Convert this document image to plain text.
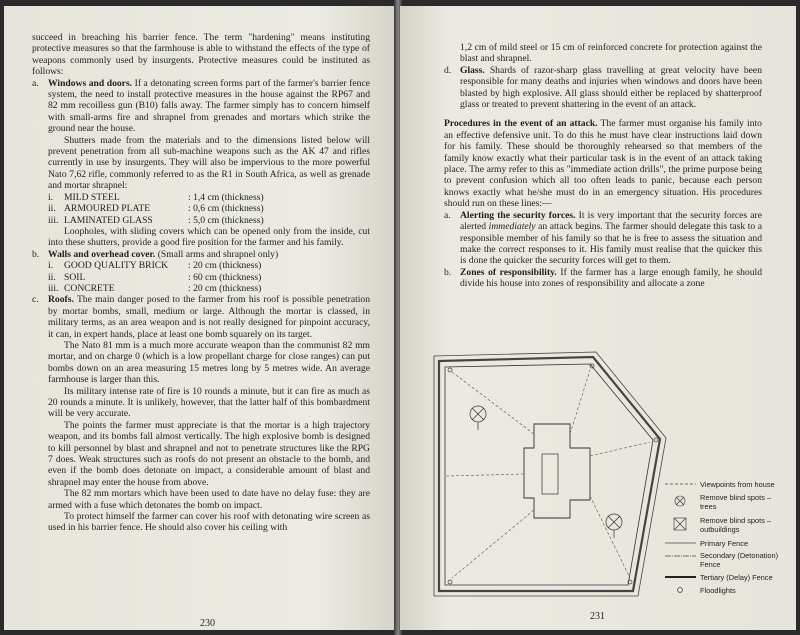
succeed in breaching his barrier fence. The term "hardening" means instituting protective measures so that the farmhouse is able to withstand the effects of the type of weapons commonly used by insurgents. Protective measures could be instituted as follows:

a. Windows and doors. If a detonating screen forms part of the farmer's barrier fence system, the need to install protective measures in the house against the RP67 and 82 mm recoilless gun (B10) falls away. The farmer simply has to concern himself with small-arms fire and shrapnel from grenades and mortars which strike the ground near the house.

Shutters made from the materials and to the dimensions listed below will prevent penetration from all sub-machine weapons such as the AK 47 and rifles currently in use by insurgents. They will also be impervious to the more powerful Nato 7,62 rifle, commonly referred to as the R1 in South Africa, as well as grenade and mortar shrapnel:

i. MILD STEEL	: 1,4 cm (thickness)
ii. ARMOURED PLATE	: 0,6 cm (thickness)
iii. LAMINATED GLASS	: 5,0 cm (thickness)

Loopholes, with sliding covers which can be opened only from the inside, cut into these shutters, provide a good fire position for the farmer and his family.

b. Walls and overhead cover. (Small arms and shrapnel only)

i. GOOD QUALITY BRICK : 20 cm (thickness)
ii. SOIL	: 60 cm (thickness)
iii. CONCRETE	: 20 cm (thickness)

c. Roofs. The main danger posed to the farmer from his roof is possible penetration by mortar bombs, small, medium or large. Although the mortar is classed, in military terms, as an area weapon and is not really designed for pinpoint accuracy, it can, in expert hands, place at least one bomb squarely on its target.

The Nato 81 mm is a much more accurate weapon than the communist 82 mm mortar, and on charge 0 (which is a low propellant charge for close ranges) can put bombs down on an area measuring 15 metres long by 5 metres wide. An average farmhouse is larger than this.

Its military intense rate of fire is 10 rounds a minute, but it can fire as much as 20 rounds a minute. It is unlikely, however, that the latter half of this bombardment will be very accurate.

The points the farmer must appreciate is that the mortar is a high trajectory weapon, and its bombs fall almost vertically. The high explosive bomb is designed to kill personnel by blast and shrapnel and not to penetrate structures like the RPG 7 does. Weak structures such as roofs do not present an obstacle to the bomb, and even if the bomb does detonate on impact, a considerable amount of blast and shrapnel may enter the house from above.

The 82 mm mortars which have been used to date have no delay fuse: they are armed with a fuse which detonates the bomb on impact.

To protect himself the farmer can cover his roof with detonating wire screen as used in his barrier fence. He should also cover his ceiling with

230

1,2 cm of mild steel or 15 cm of reinforced concrete for protection against the blast and shrapnel.

d. Glass. Shards of razor-sharp glass travelling at great velocity have been responsible for many deaths and injuries when windows and doors have been blasted by high explosive. All glass should either be replaced by shatterproof glass or treated to prevent shattering in the event of an attack.

Procedures in the event of an attack. The farmer must organise his family into an effective defensive unit. To do this he must have clear instructions laid down for his family. These should be thoroughly rehearsed so that members of the family know exactly what their particular task is in the event of an attack taking place. The army refer to this as "immediate action drills", the prime purpose being to prevent confusion which all too often leads to panic, because each person knows exactly what he/she must do in an emergency situation. His procedures should run on these lines:—

a. Alerting the security forces. It is very important that the security forces are alerted immediately an attack begins. The farmer should delegate this task to a responsible member of his family so that he is free to assess the situation and make the correct responses to it. His family must realise that the quicker this is done the quicker the security forces will get to them.

b. Zones of responsibility. If the farmer has a large enough family, he should divide his house into zones of responsibility and allocate a zone

Viewpoints from house
Remove blind spots –
trees
Remove blind spots –
outbuildings
Primary Fence
Secondary (Detonation)
Fence
Tertiary (Delay) Fence
Floodlights
231
